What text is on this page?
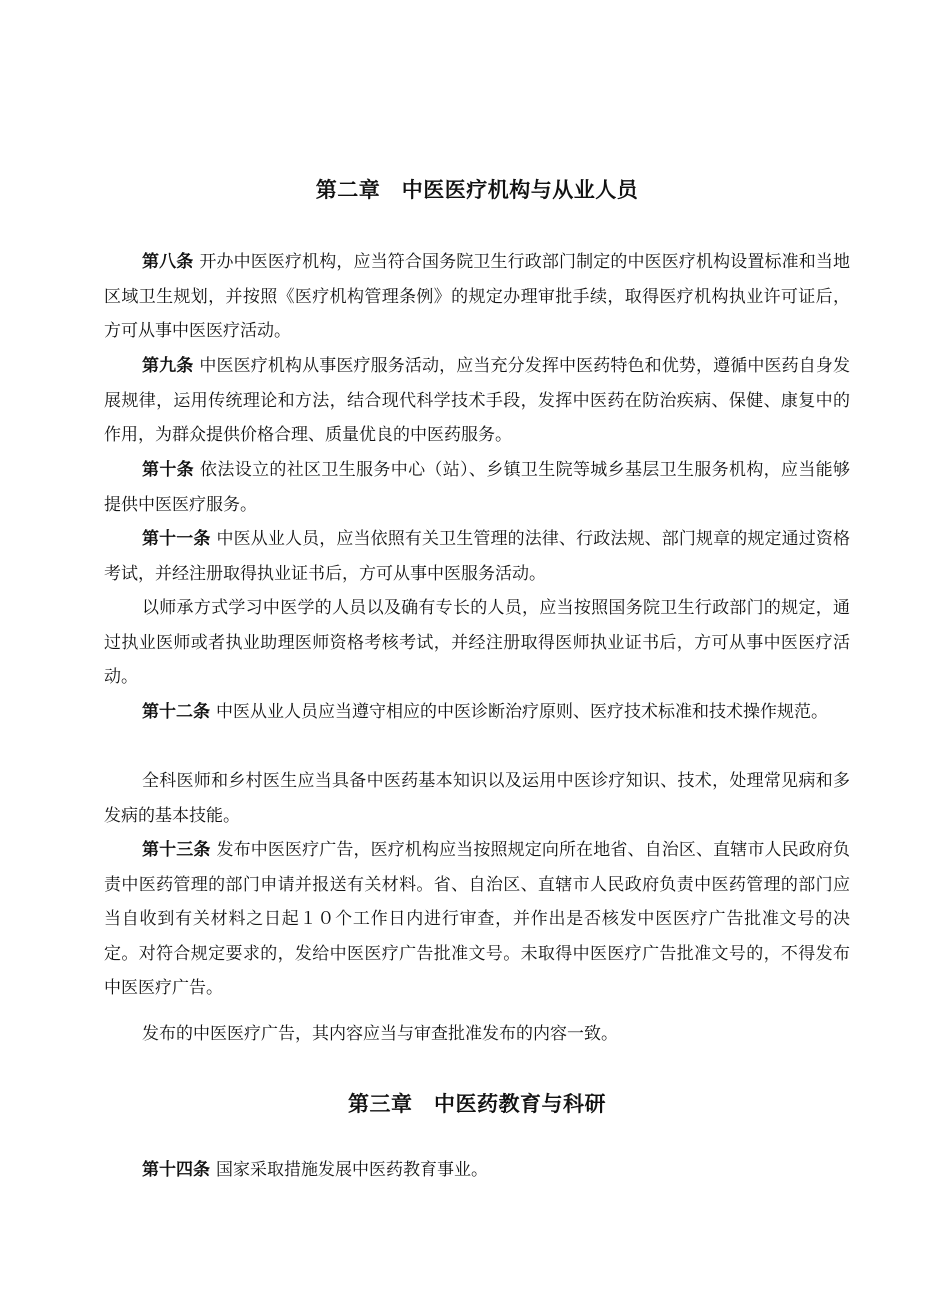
第二章　中医医疗机构与从业人员

第八条 开办中医医疗机构，应当符合国务院卫生行政部门制定的中医医疗机构设置标准和当地区域卫生规划，并按照《医疗机构管理条例》的规定办理审批手续，取得医疗机构执业许可证后，方可从事中医医疗活动。

第九条 中医医疗机构从事医疗服务活动，应当充分发挥中医药特色和优势，遵循中医药自身发展规律，运用传统理论和方法，结合现代科学技术手段，发挥中医药在防治疾病、保健、康复中的作用，为群众提供价格合理、质量优良的中医药服务。

第十条 依法设立的社区卫生服务中心（站）、乡镇卫生院等城乡基层卫生服务机构，应当能够提供中医医疗服务。

第十一条 中医从业人员，应当依照有关卫生管理的法律、行政法规、部门规章的规定通过资格考试，并经注册取得执业证书后，方可从事中医服务活动。

以师承方式学习中医学的人员以及确有专长的人员，应当按照国务院卫生行政部门的规定，通过执业医师或者执业助理医师资格考核考试，并经注册取得医师执业证书后，方可从事中医医疗活动。

第十二条 中医从业人员应当遵守相应的中医诊断治疗原则、医疗技术标准和技术操作规范。

全科医师和乡村医生应当具备中医药基本知识以及运用中医诊疗知识、技术，处理常见病和多发病的基本技能。

第十三条 发布中医医疗广告，医疗机构应当按照规定向所在地省、自治区、直辖市人民政府负责中医药管理的部门申请并报送有关材料。省、自治区、直辖市人民政府负责中医药管理的部门应当自收到有关材料之日起１０个工作日内进行审查，并作出是否核发中医医疗广告批准文号的决定。对符合规定要求的，发给中医医疗广告批准文号。未取得中医医疗广告批准文号的，不得发布中医医疗广告。

发布的中医医疗广告，其内容应当与审查批准发布的内容一致。

第三章　中医药教育与科研

第十四条 国家采取措施发展中医药教育事业。
